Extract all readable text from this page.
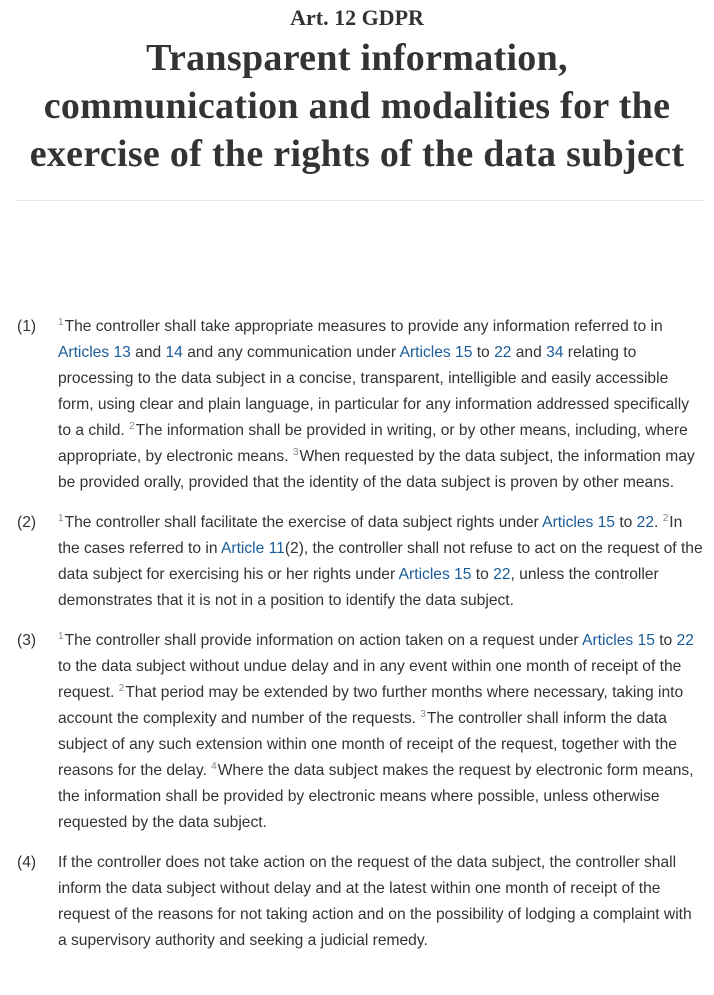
Art. 12 GDPR
Transparent information, communication and modalities for the exercise of the rights of the data subject
(1)	$^1$The controller shall take appropriate measures to provide any information referred to in Articles 13 and 14 and any communication under Articles 15 to 22 and 34 relating to processing to the data subject in a concise, transparent, intelligible and easily accessible form, using clear and plain language, in particular for any information addressed specifically to a child. $^2$The information shall be provided in writing, or by other means, including, where appropriate, by electronic means. $^3$When requested by the data subject, the information may be provided orally, provided that the identity of the data subject is proven by other means.
(2)	$^1$The controller shall facilitate the exercise of data subject rights under Articles 15 to 22. $^2$In the cases referred to in Article 11(2), the controller shall not refuse to act on the request of the data subject for exercising his or her rights under Articles 15 to 22, unless the controller demonstrates that it is not in a position to identify the data subject.
(3)	$^1$The controller shall provide information on action taken on a request under Articles 15 to 22 to the data subject without undue delay and in any event within one month of receipt of the request. $^2$That period may be extended by two further months where necessary, taking into account the complexity and number of the requests. $^3$The controller shall inform the data subject of any such extension within one month of receipt of the request, together with the reasons for the delay. $^4$Where the data subject makes the request by electronic form means, the information shall be provided by electronic means where possible, unless otherwise requested by the data subject.
(4)	If the controller does not take action on the request of the data subject, the controller shall inform the data subject without delay and at the latest within one month of receipt of the request of the reasons for not taking action and on the possibility of lodging a complaint with a supervisory authority and seeking a judicial remedy.
